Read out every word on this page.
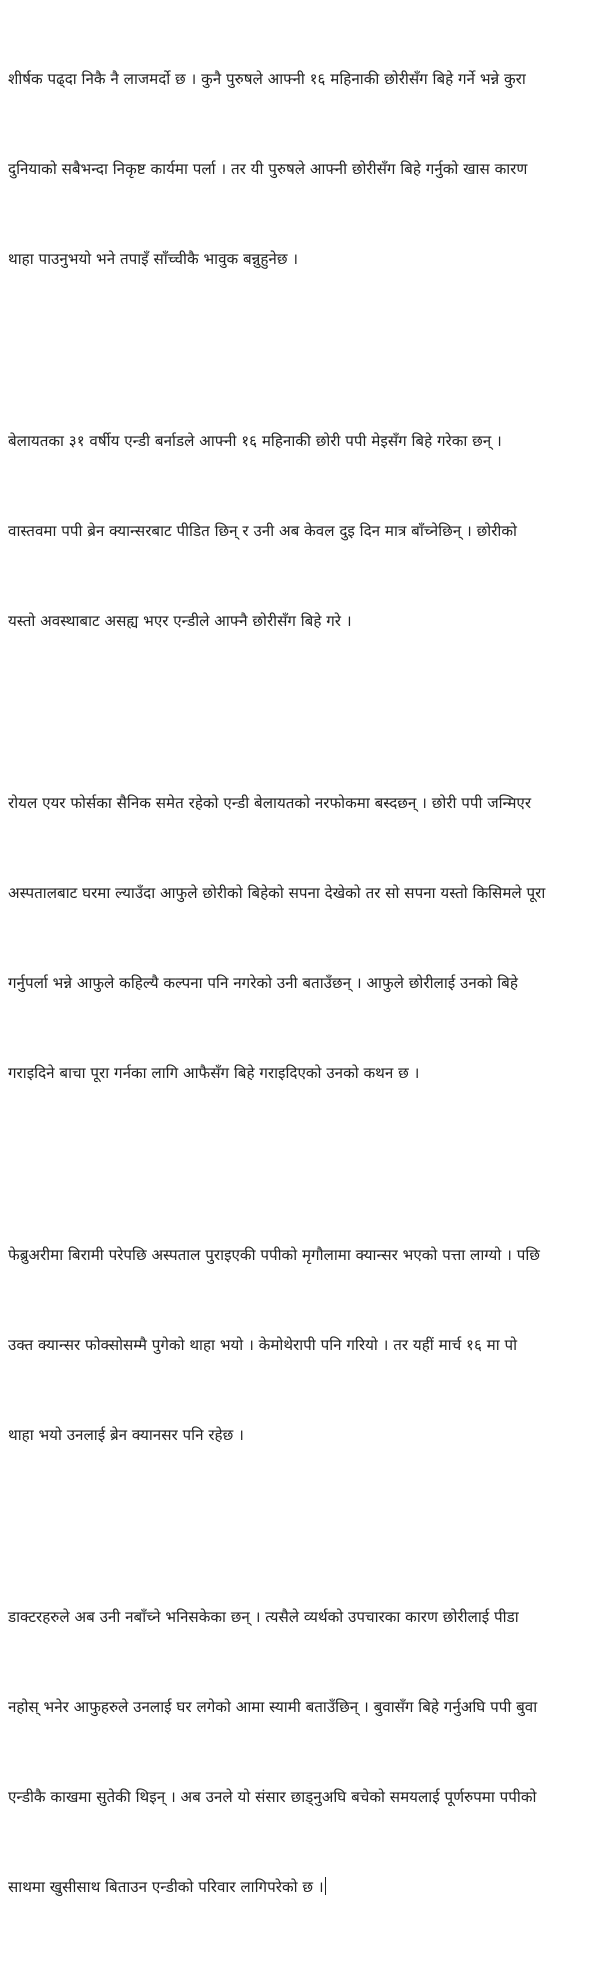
शीर्षक पढ्दा निकै नै लाजमर्दो छ । कुनै पुरुषले आफ्नी १६ महिनाकी छोरीसँग बिहे गर्ने भन्ने कुरा

दुनियाको सबैभन्दा निकृष्ट कार्यमा पर्ला । तर यी पुरुषले आफ्नी छोरीसँग बिहे गर्नुको खास कारण

थाहा पाउनुभयो भने तपाइँ साँच्चीकै भावुक बन्नुहुनेछ ।

बेलायतका ३१ वर्षीय एन्डी बर्नाडले आफ्नी १६ महिनाकी छोरी पपी मेइसँग बिहे गरेका छन् ।

वास्तवमा पपी ब्रेन क्यान्सरबाट पीडित छिन् र उनी अब केवल दुइ दिन मात्र बाँच्नेछिन् । छोरीको

यस्तो अवस्थाबाट असह्य भएर एन्डीले आफ्नै छोरीसँग बिहे गरे ।

रोयल एयर फोर्सका सैनिक समेत रहेको एन्डी बेलायतको नरफोकमा बस्दछन् । छोरी पपी जन्मिएर

अस्पतालबाट घरमा ल्याउँदा आफुले छोरीको बिहेको सपना देखेको तर सो सपना यस्तो किसिमले पूरा

गर्नुपर्ला भन्ने आफुले कहिल्यै कल्पना पनि नगरेको उनी बताउँछन् । आफुले छोरीलाई उनको बिहे

गराइदिने बाचा पूरा गर्नका लागि आफैसँग बिहे गराइदिएको उनको कथन छ ।

फेब्रुअरीमा बिरामी परेपछि अस्पताल पुराइएकी पपीको मृगौलामा क्यान्सर भएको पत्ता लाग्यो । पछि

उक्त क्यान्सर फोक्सोसम्मै पुगेको थाहा भयो । केमोथेरापी पनि गरियो । तर यहीं मार्च १६ मा पो

थाहा भयो उनलाई ब्रेन क्यानसर पनि रहेछ ।

डाक्टरहरुले अब उनी नबाँच्ने भनिसकेका छन् । त्यसैले व्यर्थको उपचारका कारण छोरीलाई पीडा

नहोस् भनेर आफुहरुले उनलाई घर लगेको आमा स्यामी बताउँछिन् । बुवासँग बिहे गर्नुअघि पपी बुवा

एन्डीकै काखमा सुतेकी थिइन् । अब उनले यो संसार छाड्नुअघि बचेको समयलाई पूर्णरुपमा पपीको

साथमा खुसीसाथ बिताउन एन्डीको परिवार लागिपरेको छ ।
